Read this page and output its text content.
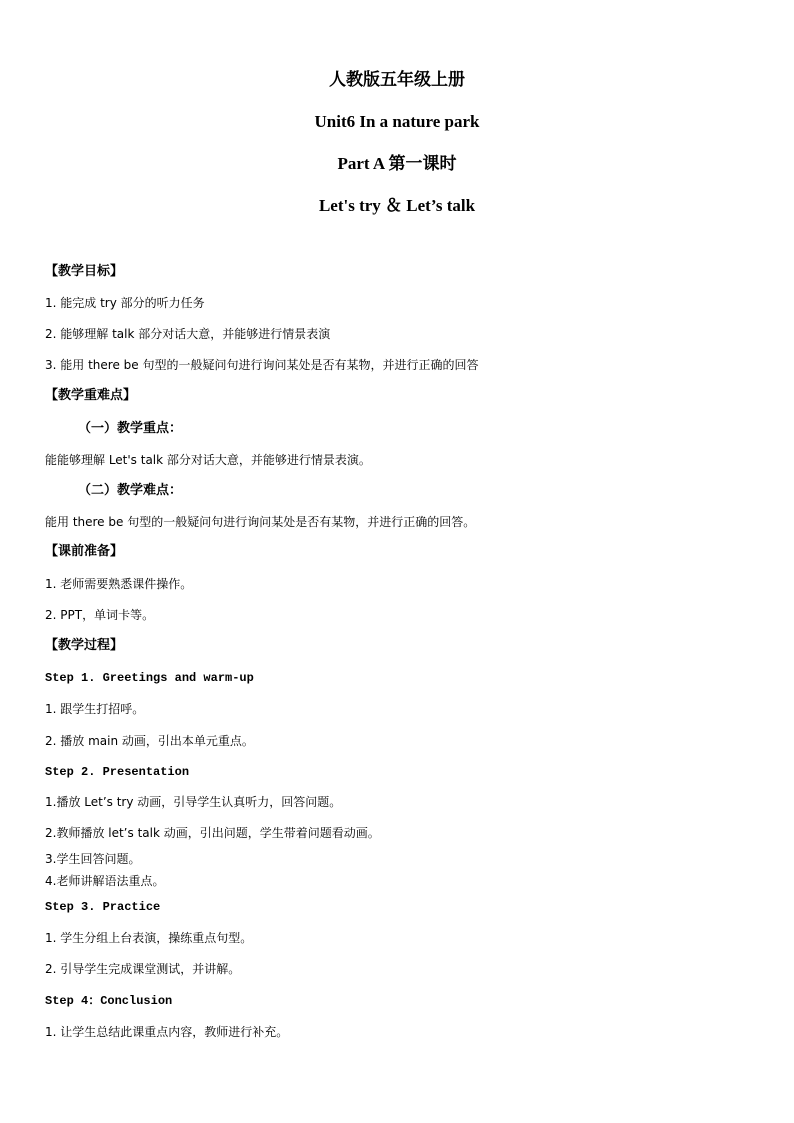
人教版五年级上册
Unit6 In a nature park
Part A 第一课时
Let's try ＆ Let’s talk
【教学目标】
1. 能完成 try 部分的听力任务
2. 能够理解 talk 部分对话大意，并能够进行情景表演
3. 能用 there be 句型的一般疑问句进行询问某处是否有某物，并进行正确的回答
【教学重难点】
（一）教学重点：
能能够理解 Let's talk 部分对话大意，并能够进行情景表演。
（二）教学难点：
能用 there be 句型的一般疑问句进行询问某处是否有某物，并进行正确的回答。
【课前准备】
1. 老师需要熟悉课件操作。
2. PPT，单词卡等。
【教学过程】
Step 1. Greetings and warm-up
1. 跟学生打招呼。
2. 播放 main 动画，引出本单元重点。
Step 2. Presentation
1.播放 Let’s try 动画，引导学生认真听力，回答问题。
2.教师播放 let’s talk 动画，引出问题，学生带着问题看动画。
3.学生回答问题。
4.老师讲解语法重点。
Step 3. Practice
1. 学生分组上台表演，操练重点句型。
2. 引导学生完成课堂测试，并讲解。
Step 4：Conclusion
1. 让学生总结此课重点内容，教师进行补充。
